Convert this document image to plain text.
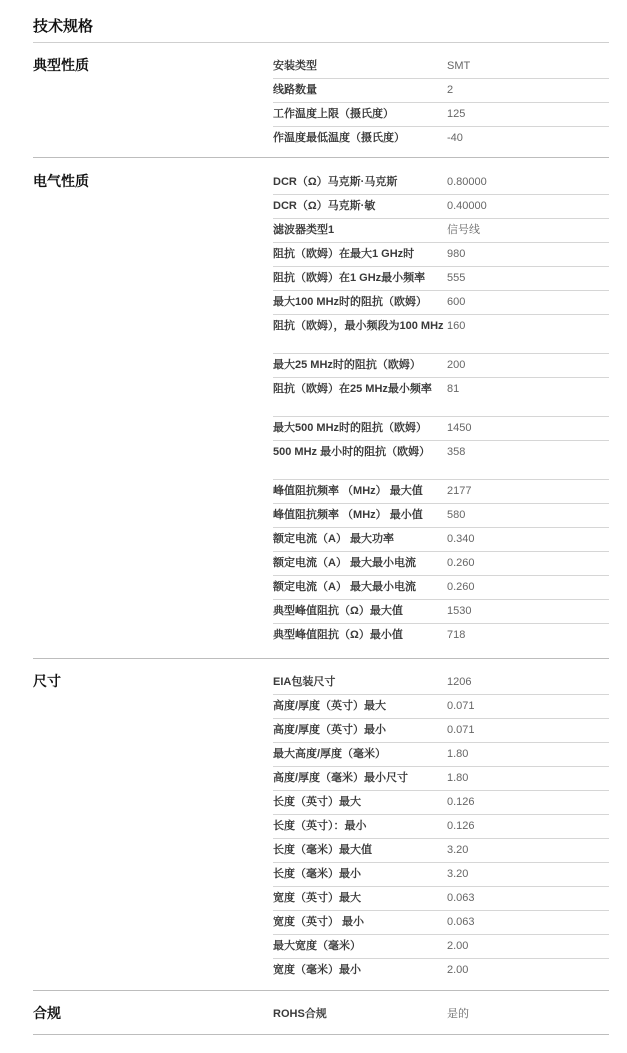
技术规格
典型性质	安装类型	SMT
线路数量	2
工作温度上限（摄氏度）	125
作温度最低温度（摄氏度）	-40
电气性质	DCR（Ω）马克斯·马克斯	0.80000
DCR（Ω）马克斯·敏	0.40000
滤波器类型1	信号线
阻抗（欧姆）在最大1 GHz时	980
阻抗（欧姆）在1 GHz最小频率	555
最大100 MHz时的阻抗（欧姆）	600
阻抗（欧姆），最小频段为100 MHz 160
最大25 MHz时的阻抗（欧姆）	200
阻抗（欧姆）在25 MHz最小频率	81
最大500 MHz时的阻抗（欧姆）	1450
500 MHz 最小时的阻抗（欧姆）	358
峰值阻抗频率 （MHz） 最大值	2177
峰值阻抗频率 （MHz） 最小值	580
额定电流（A） 最大功率	0.340
额定电流（A） 最大最小电流	0.260
额定电流（A） 最大最小电流	0.260
典型峰值阻抗（Ω）最大值	1530
典型峰值阻抗（Ω）最小值	718
尺寸	EIA包装尺寸	1206
高度/厚度（英寸）最大	0.071
高度/厚度（英寸）最小	0.071
最大高度/厚度（毫米）	1.80
高度/厚度（毫米）最小尺寸	1.80
长度（英寸）最大	0.126
长度（英寸）：最小	0.126
长度（毫米）最大值	3.20
长度（毫米）最小	3.20
宽度（英寸）最大	0.063
宽度（英寸） 最小	0.063
最大宽度（毫米）	2.00
宽度（毫米）最小	2.00
合规	ROHS合规	是的
